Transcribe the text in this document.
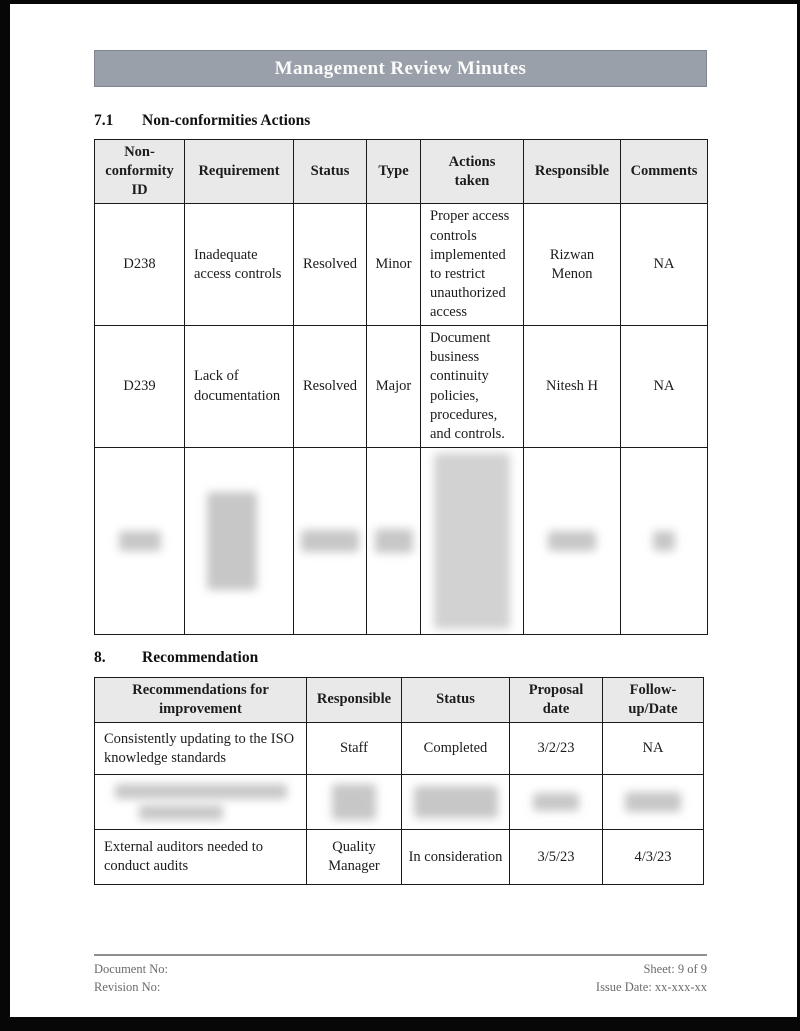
Management Review Minutes
7.1 Non-conformities Actions
Non-conformity ID	Requirement	Status	Type	Actions taken	Responsible	Comments
D238	Inadequate access controls	Resolved	Minor	Proper access controls implemented to restrict unauthorized access	Rizwan Menon	NA
D239	Lack of documentation	Resolved	Major	Document business continuity policies, procedures, and controls.	Nitesh H	NA

8. Recommendation
Recommendations for improvement	Responsible	Status	Proposal date	Follow-up/Date
Consistently updating to the ISO knowledge standards	Staff	Completed	3/2/23	NA

External auditors needed to conduct audits	Quality Manager	In consideration	3/5/23	4/3/23
Document No:
Revision No:
Sheet: 9 of 9
Issue Date: xx-xxx-xx
